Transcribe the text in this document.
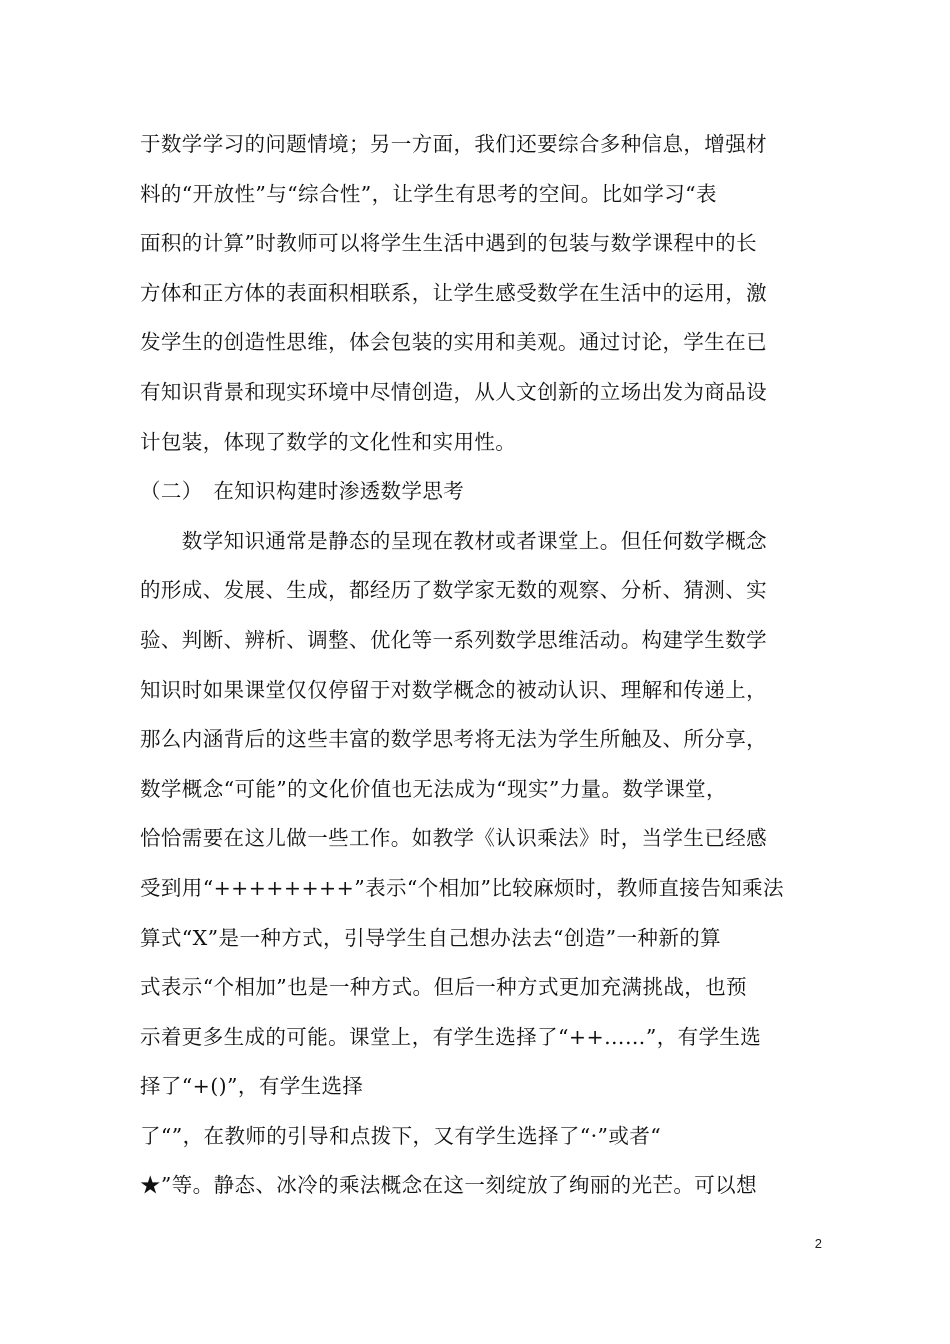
于数学学习的问题情境；另一方面，我们还要综合多种信息，增强材
料的“开放性”与“综合性”，让学生有思考的空间。比如学习“表
面积的计算”时教师可以将学生生活中遇到的包装与数学课程中的长
方体和正方体的表面积相联系，让学生感受数学在生活中的运用，激
发学生的创造性思维，体会包装的实用和美观。通过讨论，学生在已
有知识背景和现实环境中尽情创造，从人文创新的立场出发为商品设
计包装，体现了数学的文化性和实用性。
（二）　在知识构建时渗透数学思考
　　数学知识通常是静态的呈现在教材或者课堂上。但任何数学概念
的形成、发展、生成，都经历了数学家无数的观察、分析、猜测、实
验、判断、辨析、调整、优化等一系列数学思维活动。构建学生数学
知识时如果课堂仅仅停留于对数学概念的被动认识、理解和传递上，
那么内涵背后的这些丰富的数学思考将无法为学生所触及、所分享，
数学概念“可能”的文化价值也无法成为“现实”力量。数学课堂，
恰恰需要在这儿做一些工作。如教学《认识乘法》时，当学生已经感
受到用“++++++++”表示“个相加”比较麻烦时，教师直接告知乘法
算式“X”是一种方式，引导学生自己想办法去“创造”一种新的算
式表示“个相加”也是一种方式。但后一种方式更加充满挑战，也预
示着更多生成的可能。课堂上，有学生选择了“++……”，有学生选
择了“+()”，有学生选择
了“”，在教师的引导和点拨下，又有学生选择了“·”或者“
★”等。静态、冰冷的乘法概念在这一刻绽放了绚丽的光芒。可以想
2
